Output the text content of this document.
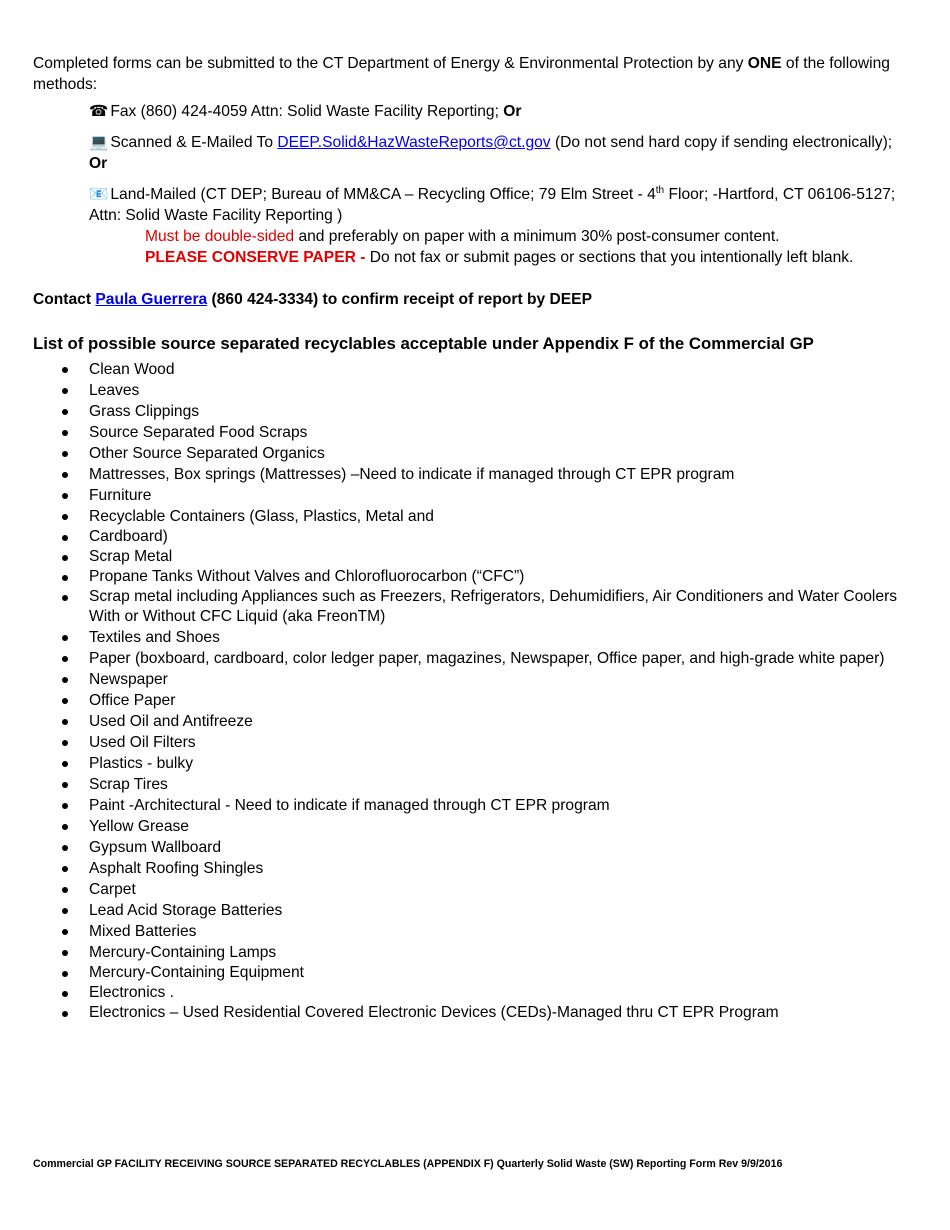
Completed forms can be submitted to the CT Department of Energy & Environmental Protection by any ONE of the following methods:

☎ Fax (860) 424-4059 Attn: Solid Waste Facility Reporting; Or
💻 Scanned & E-Mailed To DEEP.Solid&HazWasteReports@ct.gov (Do not send hard copy if sending electronically); Or
📧 Land-Mailed (CT DEP; Bureau of MM&CA – Recycling Office; 79 Elm Street - 4th Floor; -Hartford, CT 06106-5127; Attn: Solid Waste Facility Reporting )
Must be double-sided and preferably on paper with a minimum 30% post-consumer content.
PLEASE CONSERVE PAPER - Do not fax or submit pages or sections that you intentionally left blank.
Contact Paula Guerrera (860 424-3334) to confirm receipt of report by DEEP
List of possible source separated recyclables acceptable under Appendix F of the Commercial GP
Clean Wood
Leaves
Grass Clippings
Source Separated Food Scraps
Other Source Separated Organics
Mattresses, Box springs (Mattresses) –Need to indicate if managed through CT EPR program
Furniture
Recyclable Containers (Glass, Plastics, Metal and
Cardboard)
Scrap Metal
Propane Tanks Without Valves and Chlorofluorocarbon (“CFC”)
Scrap metal including Appliances such as Freezers, Refrigerators, Dehumidifiers, Air Conditioners and Water Coolers With or Without CFC Liquid (aka FreonTM)
Textiles and Shoes
Paper (boxboard, cardboard, color ledger paper, magazines, Newspaper, Office paper, and high-grade white paper)
Newspaper
Office Paper
Used Oil and Antifreeze
Used Oil Filters
Plastics - bulky
Scrap Tires
Paint -Architectural - Need to indicate if managed through CT EPR program
Yellow Grease
Gypsum Wallboard
Asphalt Roofing Shingles
Carpet
Lead Acid Storage Batteries
Mixed Batteries
Mercury-Containing Lamps
Mercury-Containing Equipment
Electronics .
Electronics – Used Residential Covered Electronic Devices (CEDs)-Managed thru CT EPR Program
Commercial GP FACILITY RECEIVING SOURCE SEPARATED RECYCLABLES (APPENDIX F) Quarterly Solid Waste (SW) Reporting Form Rev 9/9/2016
